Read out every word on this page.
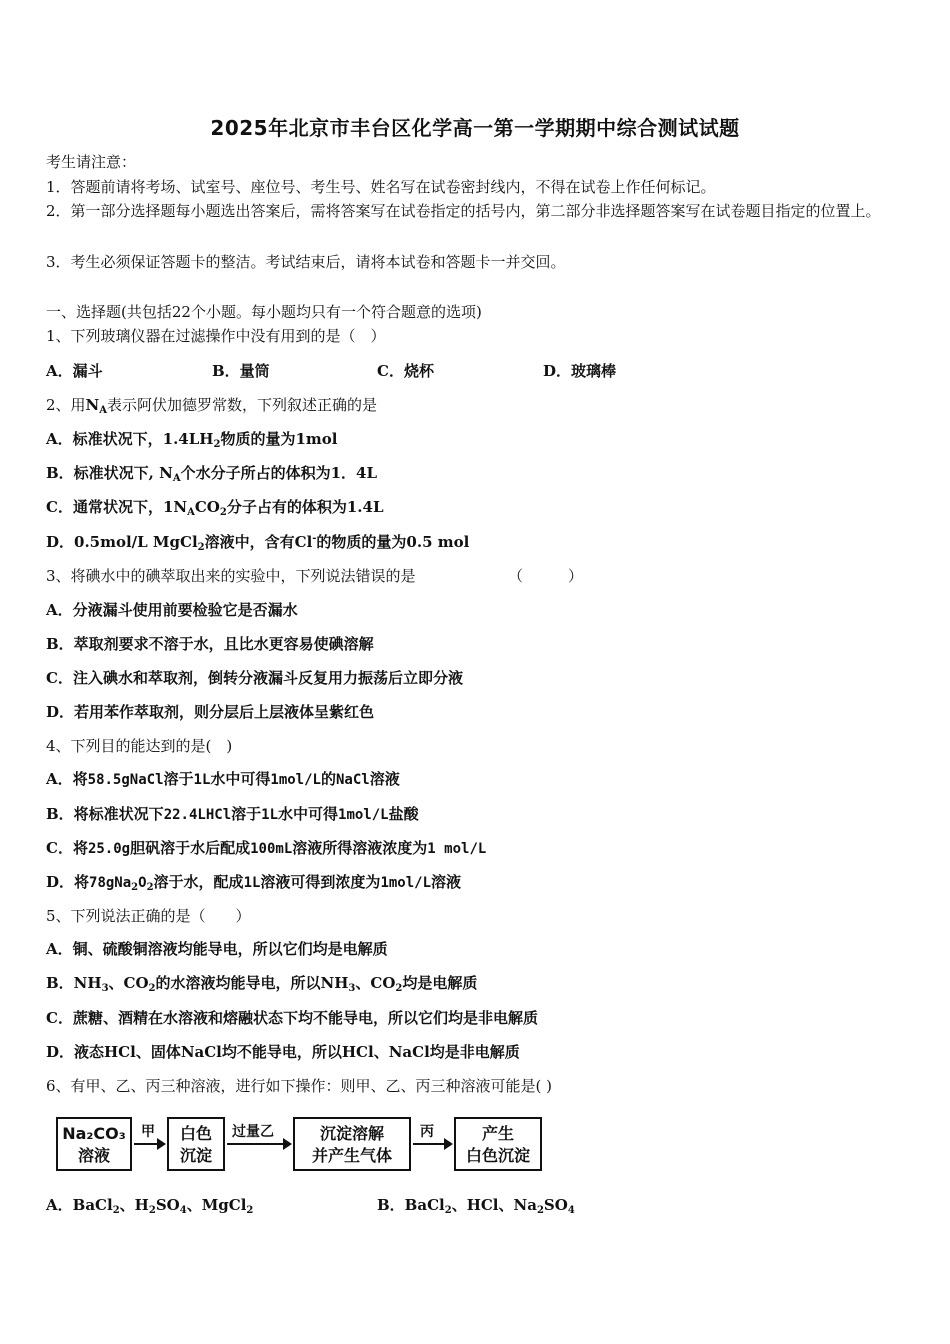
2025年北京市丰台区化学高一第一学期期中综合测试试题
考生请注意：
1．答题前请将考场、试室号、座位号、考生号、姓名写在试卷密封线内，不得在试卷上作任何标记。
2．第一部分选择题每小题选出答案后，需将答案写在试卷指定的括号内，第二部分非选择题答案写在试卷题目指定的位置上。
3．考生必须保证答题卡的整洁。考试结束后，请将本试卷和答题卡一并交回。
一、选择题(共包括22个小题。每小题均只有一个符合题意的选项)
1、下列玻璃仪器在过滤操作中没有用到的是（　）
A．漏斗	B．量筒	C．烧杯	D．玻璃棒
2、用$N_A$表示阿伏加德罗常数，下列叙述正确的是
A．标准状况下，$1.4LH_2$物质的量为1mol
B．标准状况下, $N_A$个水分子所占的体积为1．4L
C．通常状况下，$1N_ACO_2$分子占有的体积为1.4L
D．0.5mol/L MgCl$_2$溶液中，含有Cl-的物质的量为0.5 mol
3、将碘水中的碘萃取出来的实验中，下列说法错误的是	（　　　）
A．分液漏斗使用前要检验它是否漏水
B．萃取剂要求不溶于水，且比水更容易使碘溶解
C．注入碘水和萃取剂，倒转分液漏斗反复用力振荡后立即分液
D．若用苯作萃取剂，则分层后上层液体呈紫红色
4、下列目的能达到的是(　)
A．将58.5gNaCl溶于1L水中可得1mol/L的NaCl溶液
B．将标准状况下22.4LHCl溶于1L水中可得1mol/L盐酸
C．将25.0g胆矾溶于水后配成100mL溶液所得溶液浓度为1 mol/L
D．将$78gNa_2O_2$溶于水，配成1L溶液可得到浓度为1mol/L溶液
5、下列说法正确的是（　　）
A．铜、硫酸铜溶液均能导电，所以它们均是电解质
B．$NH_3$、$CO_2$的水溶液均能导电，所以$NH_3$、$CO_2$均是电解质
C．蔗糖、酒精在水溶液和熔融状态下均不能导电，所以它们均是非电解质
D．液态HCl、固体NaCl均不能导电，所以HCl、NaCl均是非电解质
6、有甲、乙、丙三种溶液，进行如下操作：则甲、乙、丙三种溶液可能是( )
Na₂CO₃
溶液
甲	白色
沉淀
过量乙	沉淀溶解
并产生气体
丙	产生
白色沉淀
A．BaCl$_2$、$H_2SO_4$、MgCl$_2$	B．BaCl$_2$、HCl、$Na_2SO_4$
